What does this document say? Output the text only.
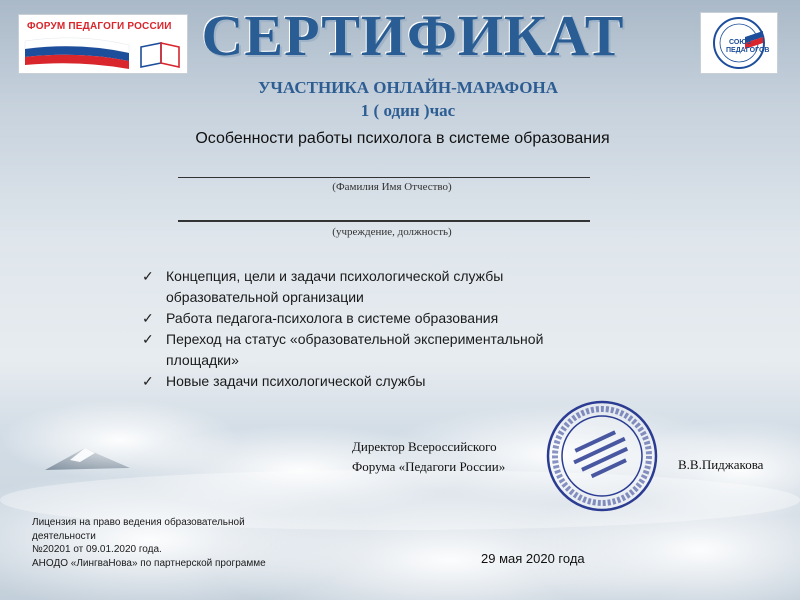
ФОРУМ ПЕДАГОГИ РОССИИ
СОЮЗ ПЕДАГОГОВ
СЕРТИФИКАТ
УЧАСТНИКА ОНЛАЙН-МАРАФОНА
1 ( один )час
Особенности работы психолога в системе образования
(Фамилия Имя Отчество)
(учреждение, должность)
✓ Концепция, цели и задачи психологической службы образовательной организации
✓ Работа педагога-психолога в системе образования
✓ Переход на статус «образовательной экспериментальной площадки»
✓ Новые задачи психологической службы
Директор Всероссийского
Форума «Педагоги России»	В.В.Пиджакова
Лицензия на право ведения образовательной
деятельности
№20201 от 09.01.2020 года.
АНОДО «ЛингваНова» по партнерской программе	29 мая 2020 года
